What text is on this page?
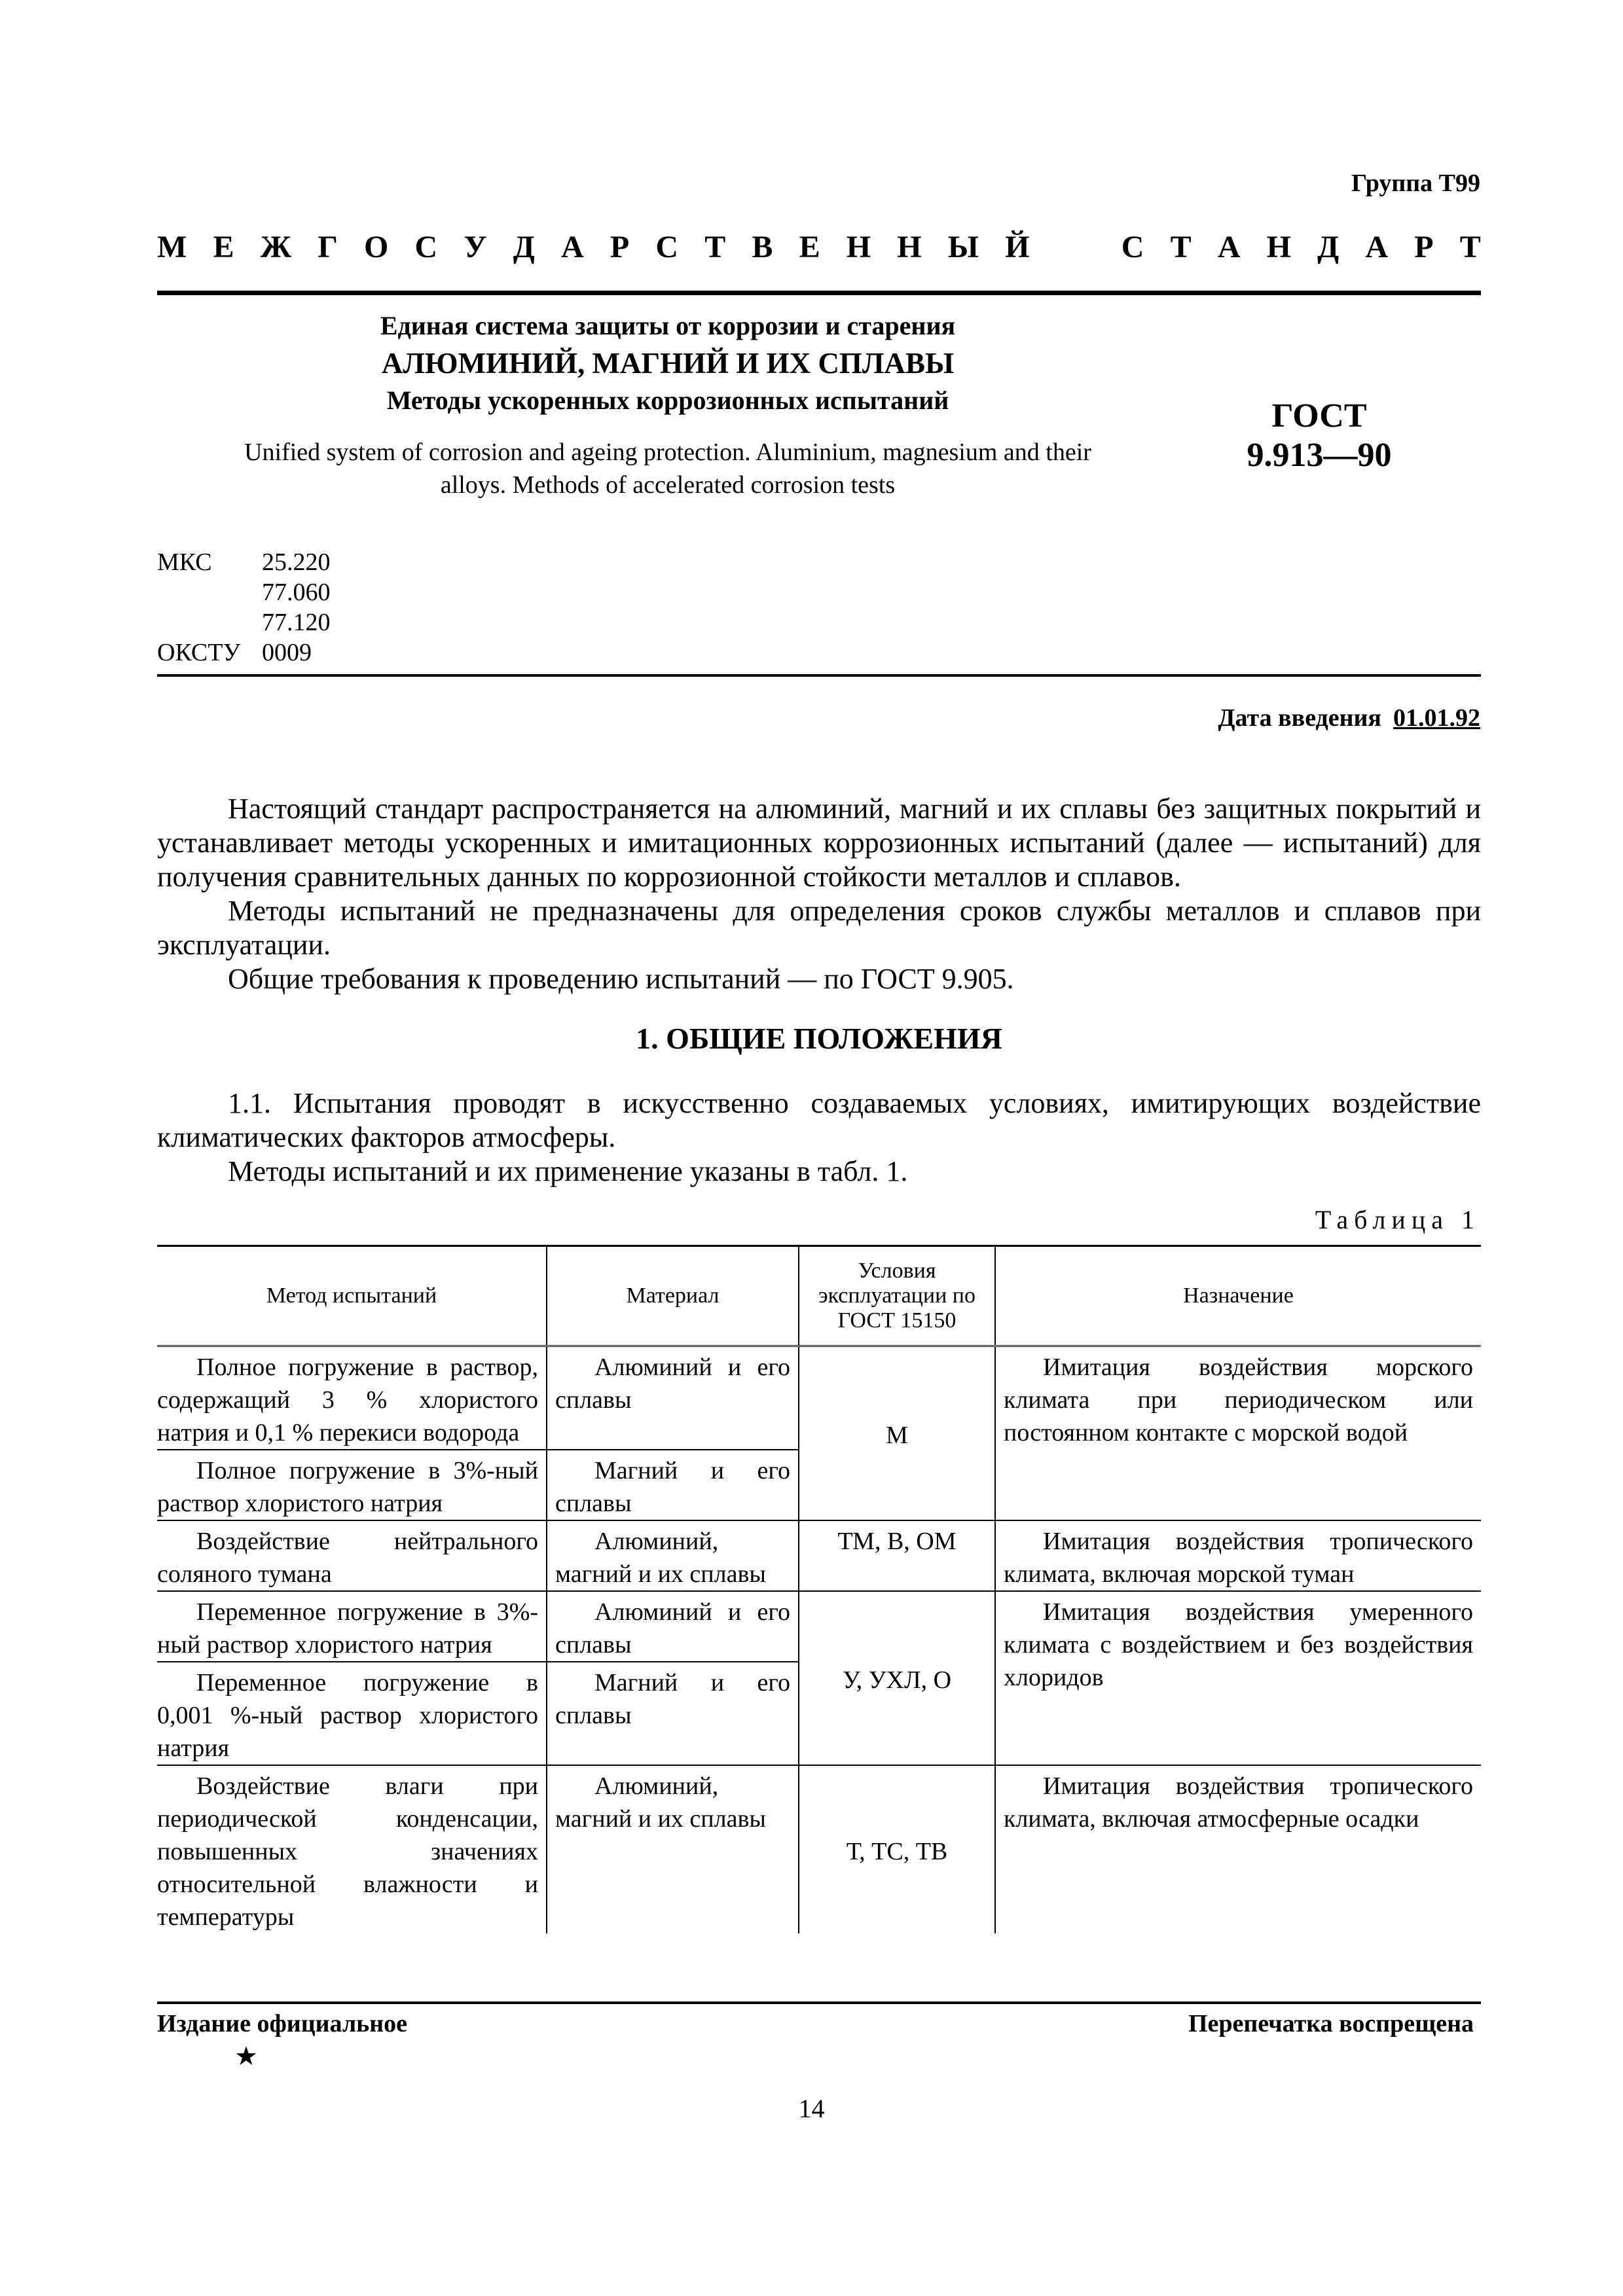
Группа Т99
М Е Ж Г О С У Д А Р С Т В Е Н Н Ы Й	С Т А Н Д А Р Т
Единая система защиты от коррозии и старения
АЛЮМИНИЙ, МАГНИЙ И ИХ СПЛАВЫ
Методы ускоренных коррозионных испытаний
Unified system of corrosion and ageing protection. Aluminium, magnesium and their alloys. Methods of accelerated corrosion tests
ГОСТ
9.913—90
МКС	25.220
	77.060
	77.120
ОКСТУ	0009
Дата введения 01.01.92

Настоящий стандарт распространяется на алюминий, магний и их сплавы без защитных покрытий и устанавливает методы ускоренных и имитационных коррозионных испытаний (далее — испытаний) для получения сравнительных данных по коррозионной стойкости металлов и сплавов.

Методы испытаний не предназначены для определения сроков службы металлов и сплавов при эксплуатации.

Общие требования к проведению испытаний — по ГОСТ 9.905.

1. ОБЩИЕ ПОЛОЖЕНИЯ

1.1. Испытания проводят в искусственно создаваемых условиях, имитирующих воздействие климатических факторов атмосферы.

Методы испытаний и их применение указаны в табл. 1.

Таблица 1
Метод испытаний	Материал	Условия эксплуатации по ГОСТ 15150	Назначение
Полное погружение в раствор, содержащий 3 % хлористого натрия и 0,1 % перекиси водорода	Алюминий и его сплавы	М	Имитация воздействия морского климата при периодическом или постоянном контакте с морской водой
Полное погружение в 3%-ный раствор хлористого натрия	Магний и его сплавы		
Воздействие нейтрального соляного тумана	Алюминий, магний и их сплавы	ТМ, В, ОМ	Имитация воздействия тропического климата, включая морской туман
Переменное погружение в 3%-ный раствор хлористого натрия	Алюминий и его сплавы	У, УХЛ, О	Имитация воздействия умеренного климата с воздействием и без воздействия хлоридов
Переменное погружение в 0,001 %-ный раствор хлористого натрия	Магний и его сплавы		
Воздействие влаги при периодической конденсации, повышенных значениях относительной влажности и температуры	Алюминий, магний и их сплавы	Т, ТС, ТВ	Имитация воздействия тропического климата, включая атмосферные осадки
Издание официальное	Перепечатка воспрещена
★
14
